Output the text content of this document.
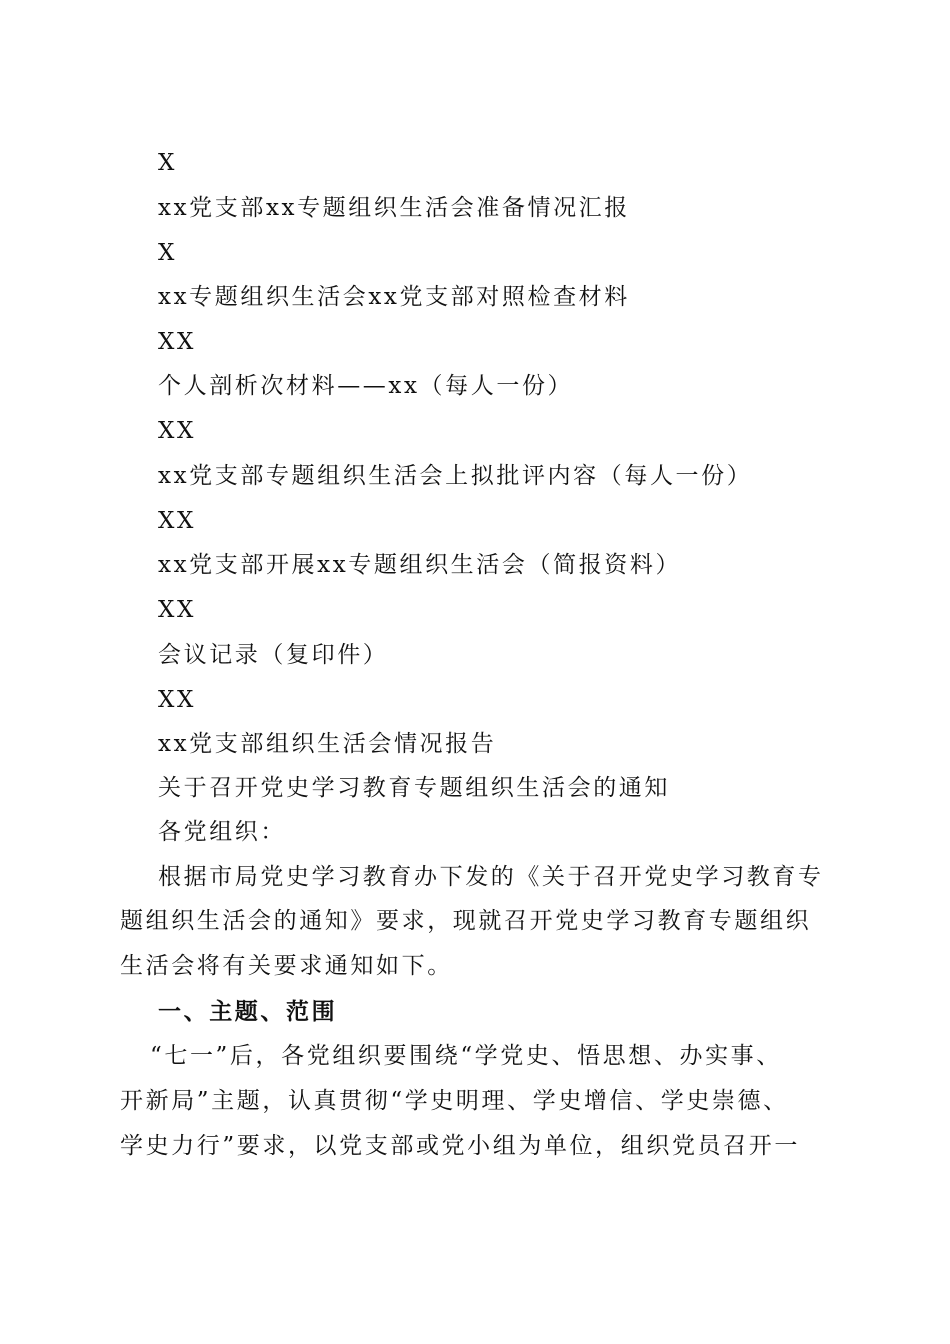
X
xx党支部xx专题组织生活会准备情况汇报
X
xx专题组织生活会xx党支部对照检查材料
XX
个人剖析次材料——xx（每人一份）
XX
xx党支部专题组织生活会上拟批评内容（每人一份）
XX
xx党支部开展xx专题组织生活会（简报资料）
XX
会议记录（复印件）
XX
xx党支部组织生活会情况报告
关于召开党史学习教育专题组织生活会的通知
各党组织：
根据市局党史学习教育办下发的《关于召开党史学习教育专
题组织生活会的通知》要求，现就召开党史学习教育专题组织
生活会将有关要求通知如下。
一、主题、范围
“七一”后，各党组织要围绕“学党史、悟思想、办实事、
开新局”主题，认真贯彻“学史明理、学史增信、学史崇德、
学史力行”要求，以党支部或党小组为单位，组织党员召开一
